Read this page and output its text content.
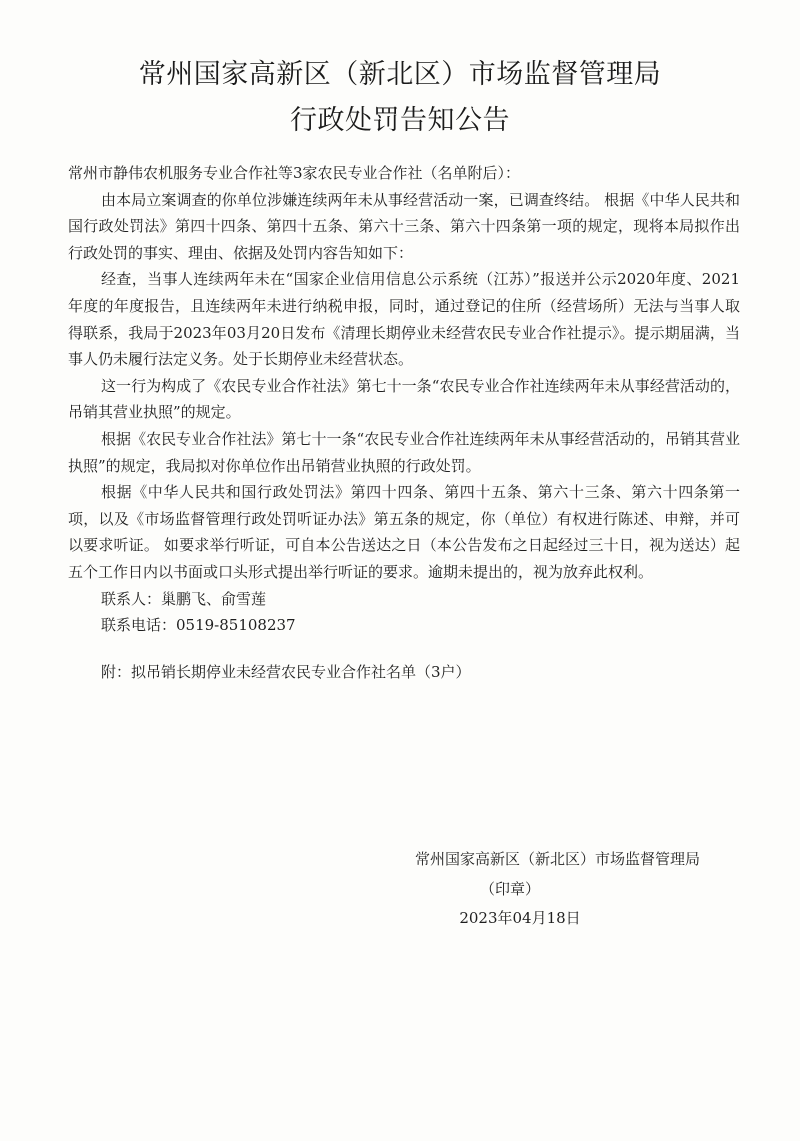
常州国家高新区（新北区）市场监督管理局
行政处罚告知公告

常州市静伟农机服务专业合作社等3家农民专业合作社（名单附后）：

由本局立案调查的你单位涉嫌连续两年未从事经营活动一案，已调查终结。 根据《中华人民共和国行政处罚法》第四十四条、第四十五条、第六十三条、第六十四条第一项的规定，现将本局拟作出行政处罚的事实、理由、依据及处罚内容告知如下：

经查，当事人连续两年未在“国家企业信用信息公示系统（江苏）”报送并公示2020年度、2021年度的年度报告，且连续两年未进行纳税申报，同时，通过登记的住所（经营场所）无法与当事人取得联系，我局于2023年03月20日发布《清理长期停业未经营农民专业合作社提示》。提示期届满，当事人仍未履行法定义务。处于长期停业未经营状态。

这一行为构成了《农民专业合作社法》第七十一条“农民专业合作社连续两年未从事经营活动的，吊销其营业执照”的规定。

根据《农民专业合作社法》第七十一条“农民专业合作社连续两年未从事经营活动的，吊销其营业执照”的规定，我局拟对你单位作出吊销营业执照的行政处罚。

根据《中华人民共和国行政处罚法》第四十四条、第四十五条、第六十三条、第六十四条第一项，以及《市场监督管理行政处罚听证办法》第五条的规定，你（单位）有权进行陈述、申辩，并可以要求听证。 如要求举行听证，可自本公告送达之日（本公告发布之日起经过三十日，视为送达）起五个工作日内以书面或口头形式提出举行听证的要求。逾期未提出的，视为放弃此权利。

联系人：巢鹏飞、俞雪莲

联系电话：0519-85108237

附：拟吊销长期停业未经营农民专业合作社名单（3户）

常州国家高新区（新北区）市场监督管理局
（印章）
2023年04月18日
